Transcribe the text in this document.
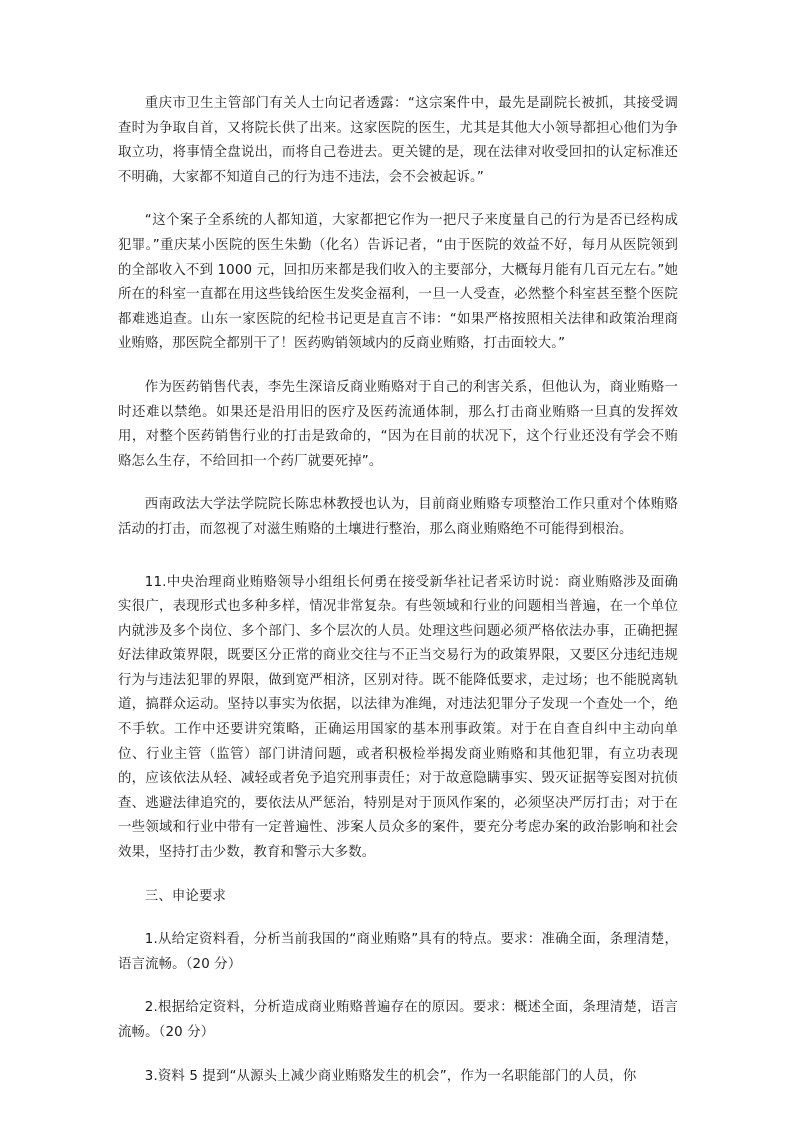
重庆市卫生主管部门有关人士向记者透露：“这宗案件中，最先是副院长被抓，其接受调查时为争取自首，又将院长供了出来。这家医院的医生，尤其是其他大小领导都担心他们为争取立功，将事情全盘说出，而将自己卷进去。更关键的是，现在法律对收受回扣的认定标准还不明确，大家都不知道自己的行为违不违法，会不会被起诉。”

“这个案子全系统的人都知道，大家都把它作为一把尺子来度量自己的行为是否已经构成犯罪。”重庆某小医院的医生朱勤（化名）告诉记者，“由于医院的效益不好，每月从医院领到的全部收入不到 1000 元，回扣历来都是我们收入的主要部分，大概每月能有几百元左右。”她所在的科室一直都在用这些钱给医生发奖金福利，一旦一人受查，必然整个科室甚至整个医院都难逃追查。山东一家医院的纪检书记更是直言不讳：“如果严格按照相关法律和政策治理商业贿赂，那医院全都别干了！医药购销领域内的反商业贿赂，打击面较大。”

作为医药销售代表，李先生深谙反商业贿赂对于自己的利害关系，但他认为，商业贿赂一时还难以禁绝。如果还是沿用旧的医疗及医药流通体制，那么打击商业贿赂一旦真的发挥效用，对整个医药销售行业的打击是致命的，“因为在目前的状况下，这个行业还没有学会不贿赂怎么生存，不给回扣一个药厂就要死掉”。

西南政法大学法学院院长陈忠林教授也认为，目前商业贿赂专项整治工作只重对个体贿赂活动的打击，而忽视了对滋生贿赂的土壤进行整治，那么商业贿赂绝不可能得到根治。

11.中央治理商业贿赂领导小组组长何勇在接受新华社记者采访时说：商业贿赂涉及面确实很广，表现形式也多种多样，情况非常复杂。有些领域和行业的问题相当普遍，在一个单位内就涉及多个岗位、多个部门、多个层次的人员。处理这些问题必须严格依法办事，正确把握好法律政策界限，既要区分正常的商业交往与不正当交易行为的政策界限，又要区分违纪违规行为与违法犯罪的界限，做到宽严相济，区别对待。既不能降低要求，走过场；也不能脱离轨道，搞群众运动。坚持以事实为依据，以法律为准绳，对违法犯罪分子发现一个查处一个，绝不手软。工作中还要讲究策略，正确运用国家的基本刑事政策。对于在自查自纠中主动向单位、行业主管（监管）部门讲清问题，或者积极检举揭发商业贿赂和其他犯罪，有立功表现的，应该依法从轻、减轻或者免予追究刑事责任；对于故意隐瞒事实、毁灭证据等妄图对抗侦查、逃避法律追究的，要依法从严惩治，特别是对于顶风作案的，必须坚决严厉打击；对于在一些领域和行业中带有一定普遍性、涉案人员众多的案件，要充分考虑办案的政治影响和社会效果，坚持打击少数，教育和警示大多数。

三、申论要求

1.从给定资料看，分析当前我国的“商业贿赂”具有的特点。要求：准确全面，条理清楚，语言流畅。（20 分）

2.根据给定资料，分析造成商业贿赂普遍存在的原因。要求：概述全面，条理清楚，语言流畅。（20 分）

3.资料 5 提到“从源头上减少商业贿赂发生的机会”，作为一名职能部门的人员，你
